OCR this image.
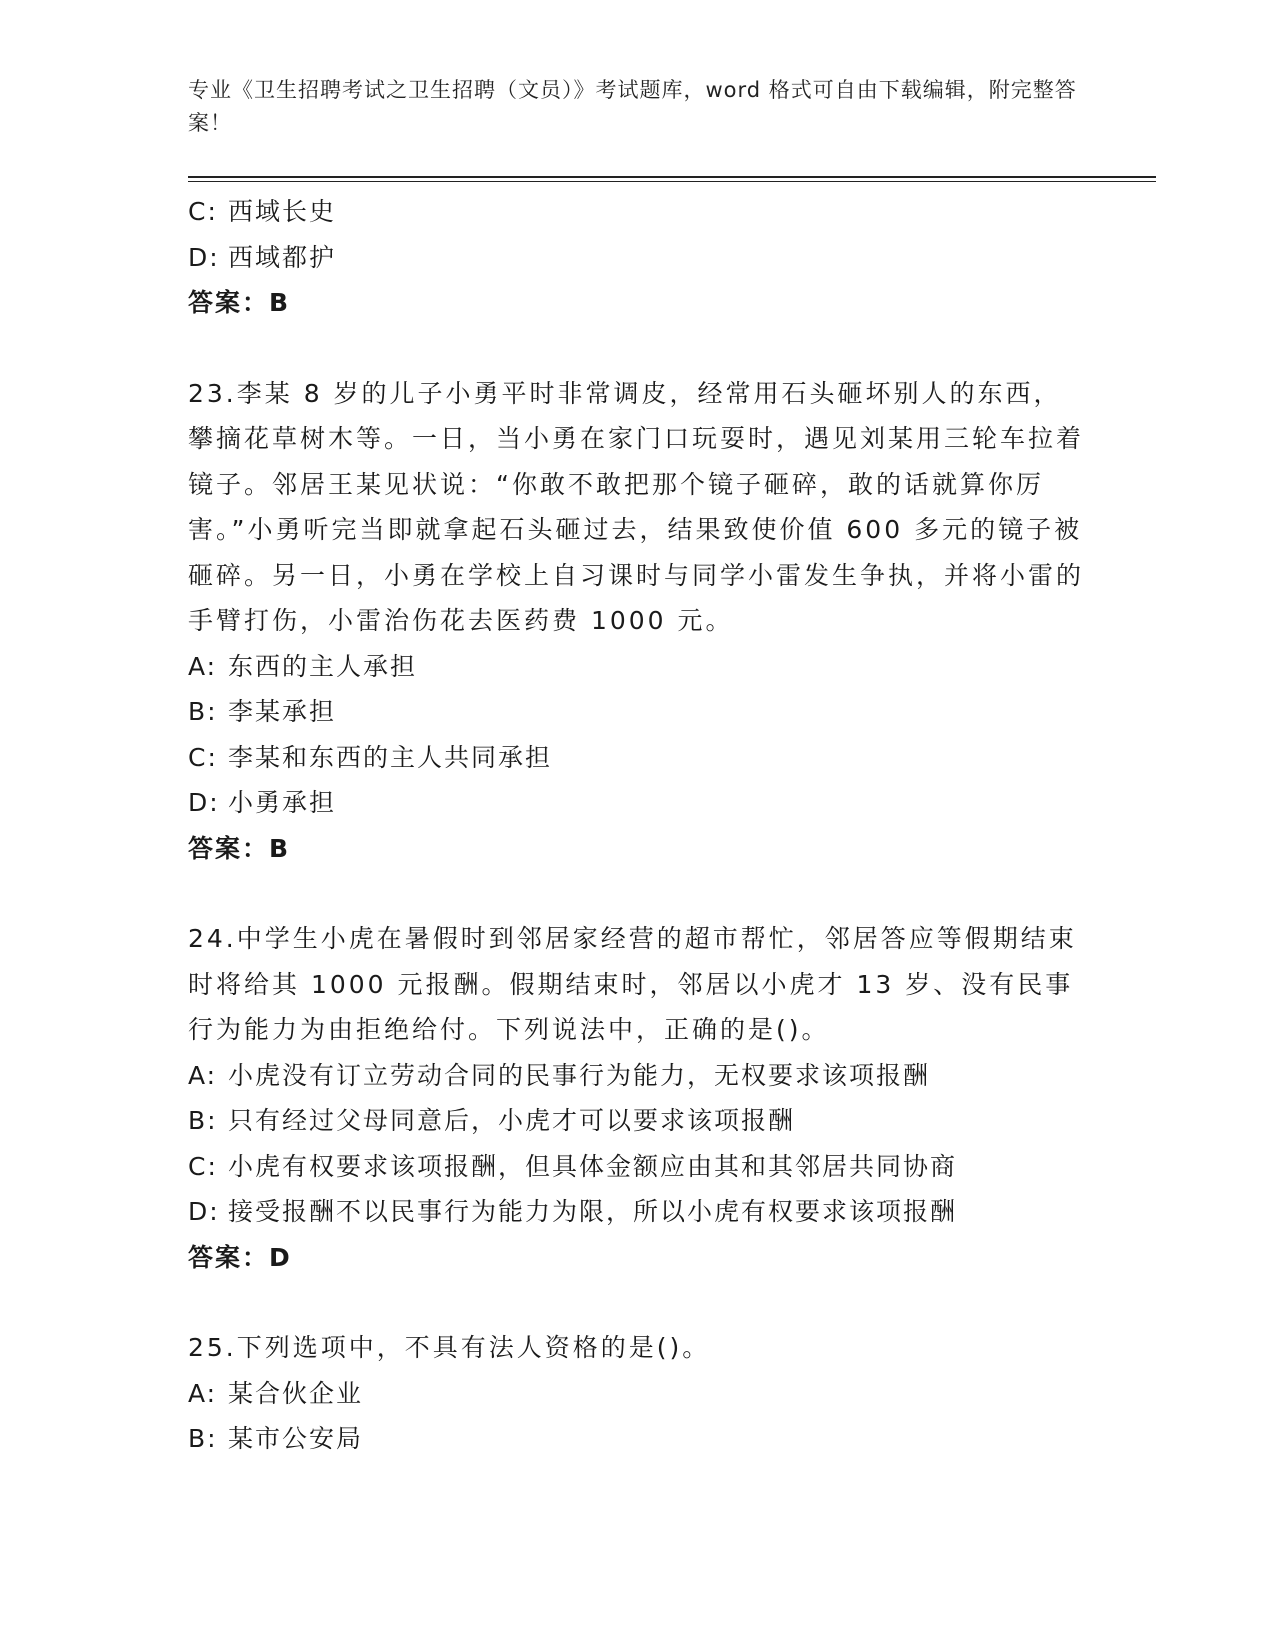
专业《卫生招聘考试之卫生招聘（文员）》考试题库，word 格式可自由下载编辑，附完整答案！
C: 西域长史
D: 西域都护
答案：B
23.李某 8 岁的儿子小勇平时非常调皮，经常用石头砸坏别人的东西，攀摘花草树木等。一日，当小勇在家门口玩耍时，遇见刘某用三轮车拉着镜子。邻居王某见状说：“你敢不敢把那个镜子砸碎，敢的话就算你厉害。”小勇听完当即就拿起石头砸过去，结果致使价值 600 多元的镜子被砸碎。另一日，小勇在学校上自习课时与同学小雷发生争执，并将小雷的手臂打伤，小雷治伤花去医药费 1000 元。
A: 东西的主人承担
B: 李某承担
C: 李某和东西的主人共同承担
D: 小勇承担
答案：B
24.中学生小虎在暑假时到邻居家经营的超市帮忙，邻居答应等假期结束时将给其 1000 元报酬。假期结束时，邻居以小虎才 13 岁、没有民事行为能力为由拒绝给付。下列说法中，正确的是()。
A: 小虎没有订立劳动合同的民事行为能力，无权要求该项报酬
B: 只有经过父母同意后，小虎才可以要求该项报酬
C: 小虎有权要求该项报酬，但具体金额应由其和其邻居共同协商
D: 接受报酬不以民事行为能力为限，所以小虎有权要求该项报酬
答案：D
25.下列选项中，不具有法人资格的是()。
A: 某合伙企业
B: 某市公安局
